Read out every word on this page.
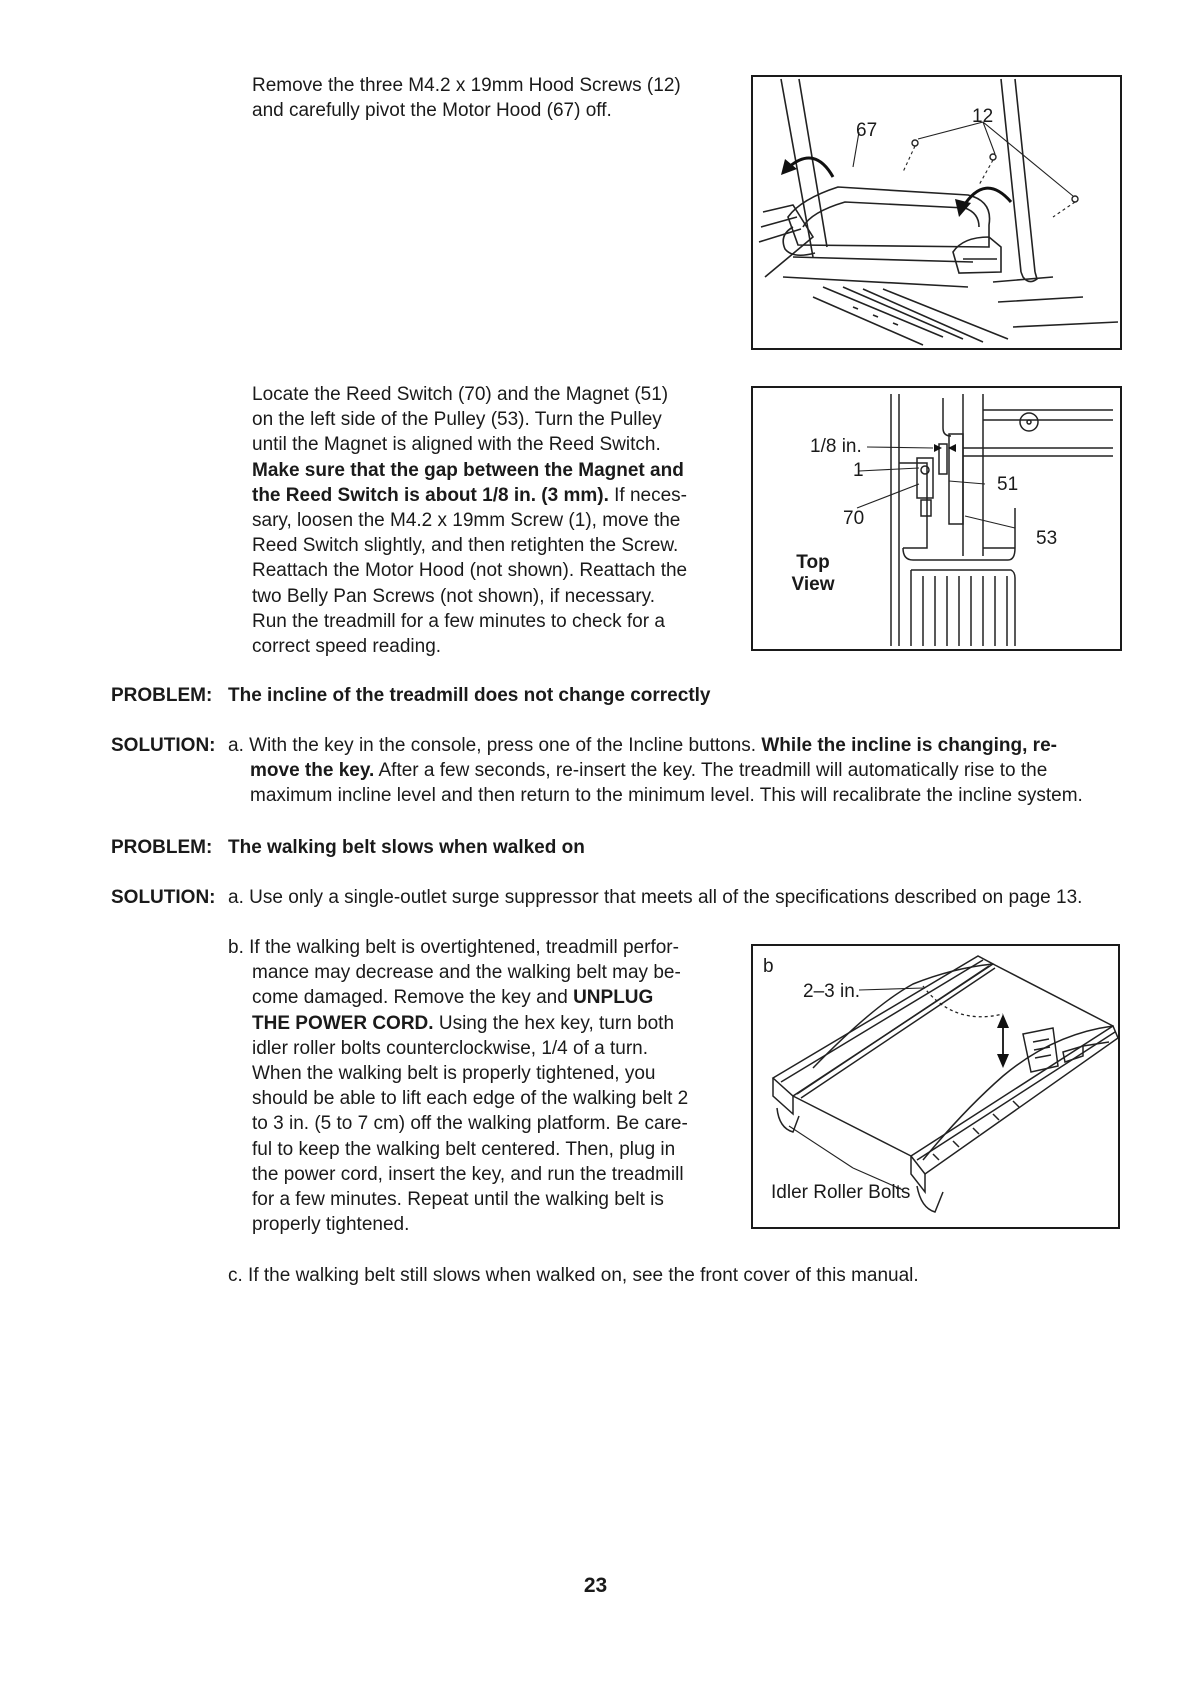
Remove the three M4.2 x 19mm Hood Screws (12)
and carefully pivot the Motor Hood (67) off.
67
12
Locate the Reed Switch (70) and the Magnet (51)
on the left side of the Pulley (53). Turn the Pulley
until the Magnet is aligned with the Reed Switch.
Make sure that the gap between the Magnet and
the Reed Switch is about 1/8 in. (3 mm). If neces-
sary, loosen the M4.2 x 19mm Screw (1), move the
Reed Switch slightly, and then retighten the Screw.
Reattach the Motor Hood (not shown). Reattach the
two Belly Pan Screws (not shown), if necessary.
Run the treadmill for a few minutes to check for a
correct speed reading.
1/8 in.
1
70
51
53
Top
View
PROBLEM: The incline of the treadmill does not change correctly
SOLUTION: a. With the key in the console, press one of the Incline buttons. While the incline is changing, re-
move the key. After a few seconds, re-insert the key. The treadmill will automatically rise to the
maximum incline level and then return to the minimum level. This will recalibrate the incline system.
PROBLEM: The walking belt slows when walked on
SOLUTION: a. Use only a single-outlet surge suppressor that meets all of the specifications described on page 13.
b. If the walking belt is overtightened, treadmill perfor-
mance may decrease and the walking belt may be-
come damaged. Remove the key and UNPLUG
THE POWER CORD. Using the hex key, turn both
idler roller bolts counterclockwise, 1/4 of a turn.
When the walking belt is properly tightened, you
should be able to lift each edge of the walking belt 2
to 3 in. (5 to 7 cm) off the walking platform. Be care-
ful to keep the walking belt centered. Then, plug in
the power cord, insert the key, and run the treadmill
for a few minutes. Repeat until the walking belt is
properly tightened.
b
2–3 in.
Idler Roller Bolts
c. If the walking belt still slows when walked on, see the front cover of this manual.
23
